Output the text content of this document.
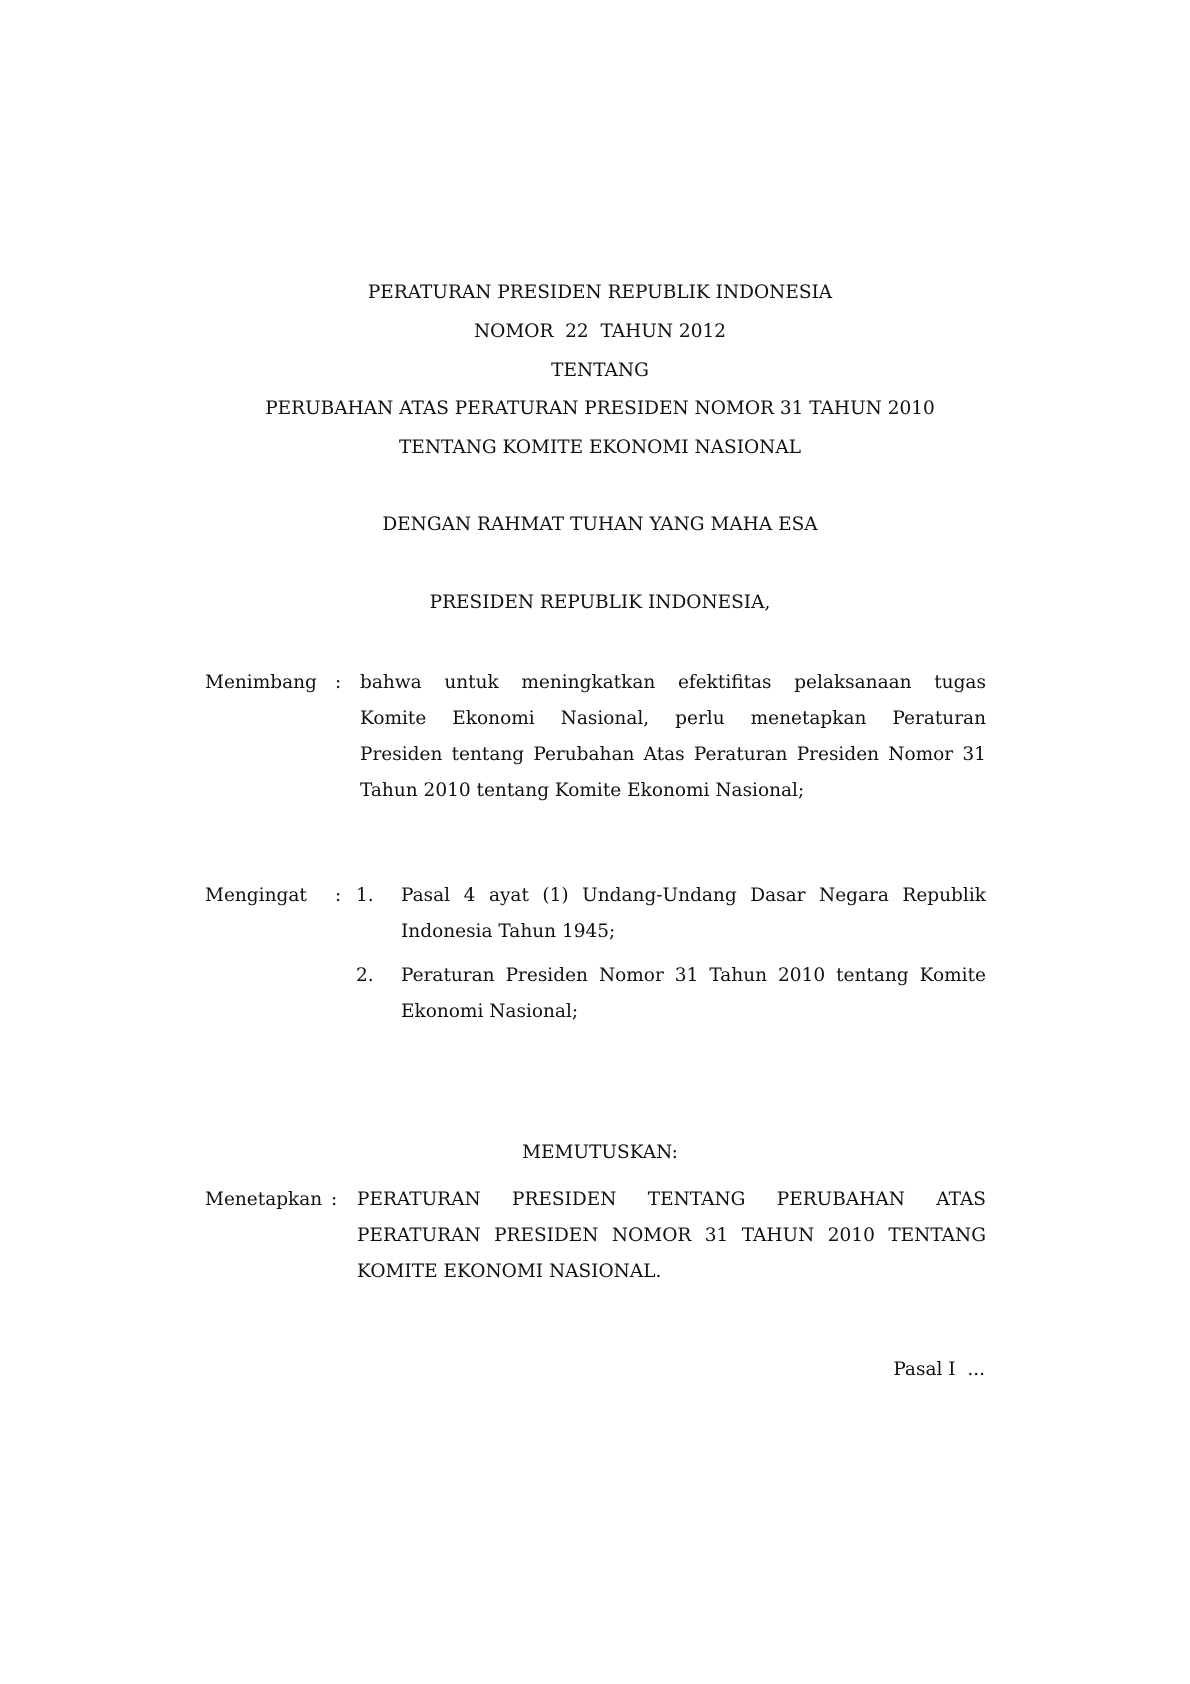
PERATURAN PRESIDEN REPUBLIK INDONESIA
NOMOR  22  TAHUN 2012
TENTANG
PERUBAHAN ATAS PERATURAN PRESIDEN NOMOR 31 TAHUN 2010
TENTANG KOMITE EKONOMI NASIONAL
DENGAN RAHMAT TUHAN YANG MAHA ESA
PRESIDEN REPUBLIK INDONESIA,
Menimbang : bahwa untuk meningkatkan efektifitas pelaksanaan tugas
Komite Ekonomi Nasional, perlu menetapkan Peraturan
Presiden tentang Perubahan Atas Peraturan Presiden Nomor 31
Tahun 2010 tentang Komite Ekonomi Nasional;
Mengingat : 1. Pasal 4 ayat (1) Undang-Undang Dasar Negara Republik
Indonesia Tahun 1945;
2. Peraturan Presiden Nomor 31 Tahun 2010 tentang Komite
Ekonomi Nasional;
MEMUTUSKAN:
Menetapkan : PERATURAN PRESIDEN TENTANG PERUBAHAN ATAS
PERATURAN PRESIDEN NOMOR 31 TAHUN 2010 TENTANG
KOMITE EKONOMI NASIONAL.
Pasal I  ...
